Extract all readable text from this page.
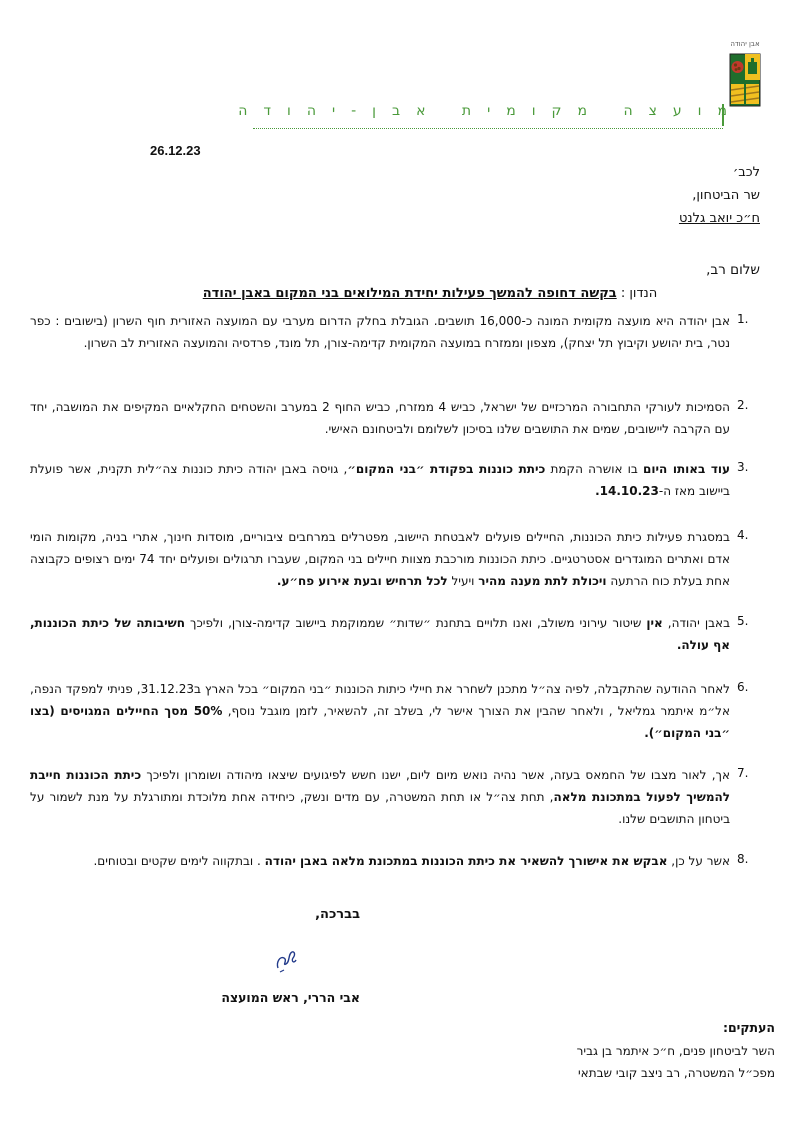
אבן יהודה
מועצה מקומית אבן-יהודה
26.12.23
לכב׳
שר הביטחון,
ח״כ יואב גלנט
שלום רב,
הנדון : בקשה דחופה להמשך פעילות יחידת המילואים בני המקום באבן יהודה
1.
אבן יהודה היא מועצה מקומית המונה כ-16,000 תושבים. הגובלת בחלק הדרום מערבי עם המועצה האזורית חוף השרון (בישובים : כפר נטר, בית יהושע וקיבוץ תל יצחק), מצפון וממזרח במועצה המקומית קדימה-צורן, תל מונד, פרדסיה והמועצה האזורית לב השרון.
2.
הסמיכות לעורקי התחבורה המרכזיים של ישראל, כביש 4 ממזרח, כביש החוף 2 במערב והשטחים החקלאיים המקיפים את המושבה, יחד עם הקרבה ליישובים, שמים את התושבים שלנו בסיכון לשלומם ולביטחונם האישי.
3.
עוד באותו היום בו אושרה הקמת כיתת כוננות בפקודת ״בני המקום״, גויסה באבן יהודה כיתת כוננות צה״לית תקנית, אשר פועלת ביישוב מאז ה-14.10.23.
4.
במסגרת פעילות כיתת הכוננות, החיילים פועלים לאבטחת היישוב, מפטרלים במרחבים ציבוריים, מוסדות חינוך, אתרי בניה, מקומות הומי אדם ואתרים המוגדרים אסטרטגיים. כיתת הכוננות מורכבת מצוות חיילים בני המקום, שעברו תרגולים ופועלים יחד 74 ימים רצופים כקבוצה אחת בעלת כוח הרתעה ויכולת לתת מענה מהיר ויעיל לכל תרחיש ובעת אירוע פח״ע.
5.
באבן יהודה, אין שיטור עירוני משולב, ואנו תלויים בתחנת ״שדות״ שממוקמת ביישוב קדימה-צורן, ולפיכך חשיבותה של כיתת הכוננות, אף עולה.
6.
לאחר ההודעה שהתקבלה, לפיה צה״ל מתכנן לשחרר את חיילי כיתות הכוננות ״בני המקום״ בכל הארץ ב31.12.23, פניתי למפקד הנפה, אל״מ איתמר גמליאל , ולאחר שהבין את הצורך אישר לי, בשלב זה, להשאיר, לזמן מוגבל נוסף, 50% מסך החיילים המגויסים (בצו ״בני המקום״).
7.
אך, לאור מצבו של החמאס בעזה, אשר נהיה נואש מיום ליום, ישנו חשש לפיגועים שיצאו מיהודה ושומרון ולפיכך כיתת הכוננות חייבת להמשיך לפעול במתכונת מלאה, תחת צה״ל או תחת המשטרה, עם מדים ונשק, כיחידה אחת מלוכדת ומתורגלת על מנת לשמור על ביטחון התושבים שלנו.
8.
אשר על כן, אבקש את אישורך להשאיר את כיתת הכוננות במתכונת מלאה באבן יהודה . ובתקווה לימים שקטים ובטוחים.
בברכה,
אבי הררי, ראש המועצה
העתקים:
השר לביטחון פנים, ח״כ איתמר בן גביר
מפכ״ל המשטרה, רב ניצב קובי שבתאי
